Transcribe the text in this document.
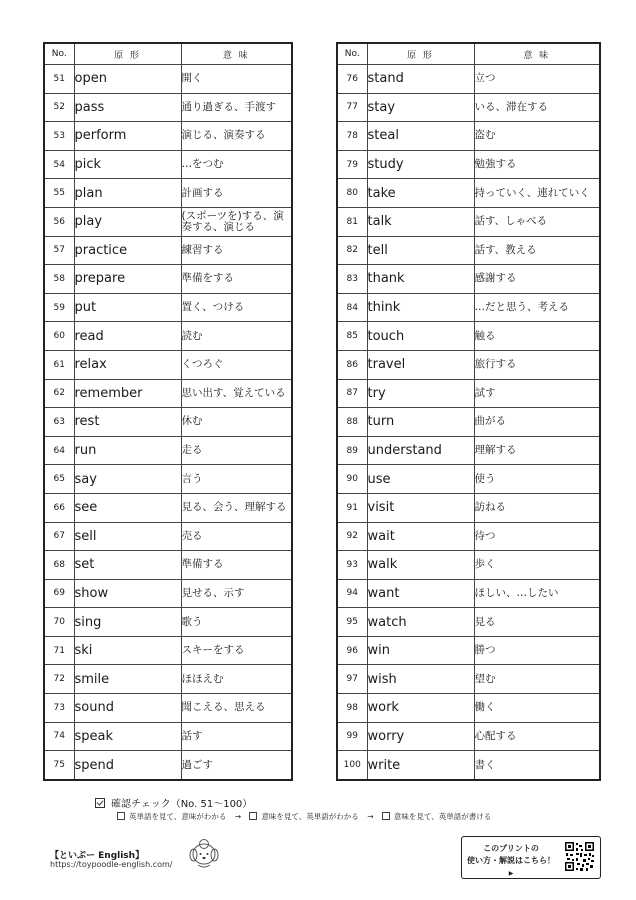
No.	原 形	意 味
51	open	開く
52	pass	通り過ぎる、手渡す
53	perform	演じる、演奏する
54	pick	…をつむ
55	plan	計画する
56	play	(スポーツを)する、演奏する、演じる
57	practice	練習する
58	prepare	準備をする
59	put	置く、つける
60	read	読む
61	relax	くつろぐ
62	remember	思い出す、覚えている
63	rest	休む
64	run	走る
65	say	言う
66	see	見る、会う、理解する
67	sell	売る
68	set	準備する
69	show	見せる、示す
70	sing	歌う
71	ski	スキーをする
72	smile	ほほえむ
73	sound	聞こえる、思える
74	speak	話す
75	spend	過ごす
No.	原 形	意 味
76	stand	立つ
77	stay	いる、滞在する
78	steal	盗む
79	study	勉強する
80	take	持っていく、連れていく
81	talk	話す、しゃべる
82	tell	話す、教える
83	thank	感謝する
84	think	…だと思う、考える
85	touch	触る
86	travel	旅行する
87	try	試す
88	turn	曲がる
89	understand	理解する
90	use	使う
91	visit	訪ねる
92	wait	待つ
93	walk	歩く
94	want	ほしい、…したい
95	watch	見る
96	win	勝つ
97	wish	望む
98	work	働く
99	worry	心配する
100	write	書く
確認チェック（No. 51～100）
英単語を見て、意味がわかる →	意味を見て、英単語がわかる →	意味を見て、英単語が書ける
【といぷー English】
https://toypoodle-english.com/
このプリントの
使い方・解説はこちら！▶
